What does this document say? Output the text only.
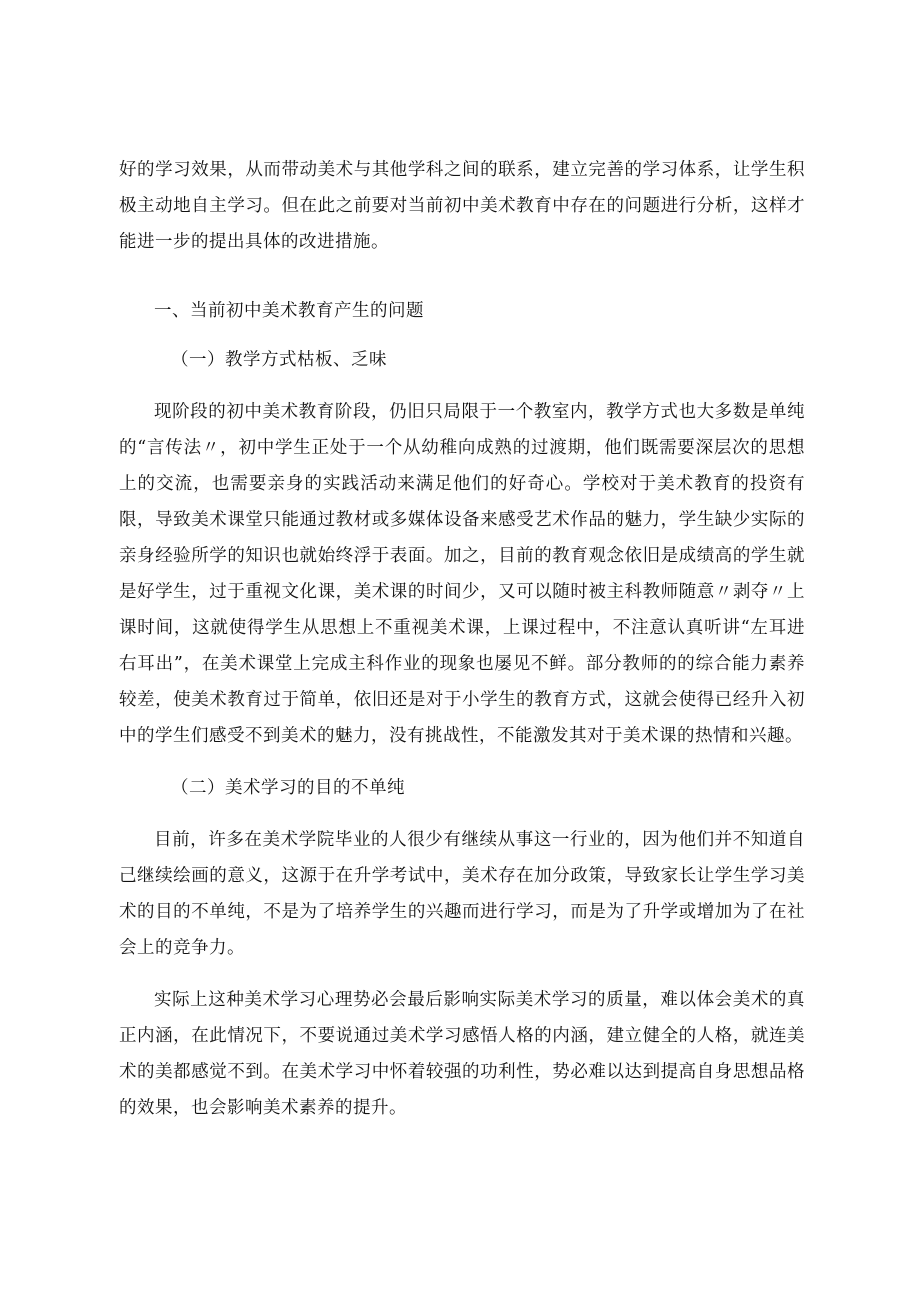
好的学习效果，从而带动美术与其他学科之间的联系，建立完善的学习体系，让学生积极主动地自主学习。但在此之前要对当前初中美术教育中存在的问题进行分析，这样才能进一步的提出具体的改进措施。

一、当前初中美术教育产生的问题

（一）教学方式枯板、乏味

现阶段的初中美术教育阶段，仍旧只局限于一个教室内，教学方式也大多数是单纯的“言传法〃，初中学生正处于一个从幼稚向成熟的过渡期，他们既需要深层次的思想上的交流，也需要亲身的实践活动来满足他们的好奇心。学校对于美术教育的投资有限，导致美术课堂只能通过教材或多媒体设备来感受艺术作品的魅力，学生缺少实际的亲身经验所学的知识也就始终浮于表面。加之，目前的教育观念依旧是成绩高的学生就是好学生，过于重视文化课，美术课的时间少，又可以随时被主科教师随意〃剥夺〃上课时间，这就使得学生从思想上不重视美术课，上课过程中，不注意认真听讲“左耳进右耳出”，在美术课堂上完成主科作业的现象也屡见不鲜。部分教师的的综合能力素养较差，使美术教育过于简单，依旧还是对于小学生的教育方式，这就会使得已经升入初中的学生们感受不到美术的魅力，没有挑战性，不能激发其对于美术课的热情和兴趣。

（二）美术学习的目的不单纯

目前，许多在美术学院毕业的人很少有继续从事这一行业的，因为他们并不知道自己继续绘画的意义，这源于在升学考试中，美术存在加分政策，导致家长让学生学习美术的目的不单纯，不是为了培养学生的兴趣而进行学习，而是为了升学或增加为了在社会上的竞争力。

实际上这种美术学习心理势必会最后影响实际美术学习的质量，难以体会美术的真正内涵，在此情况下，不要说通过美术学习感悟人格的内涵，建立健全的人格，就连美术的美都感觉不到。在美术学习中怀着较强的功利性，势必难以达到提高自身思想品格的效果，也会影响美术素养的提升。
